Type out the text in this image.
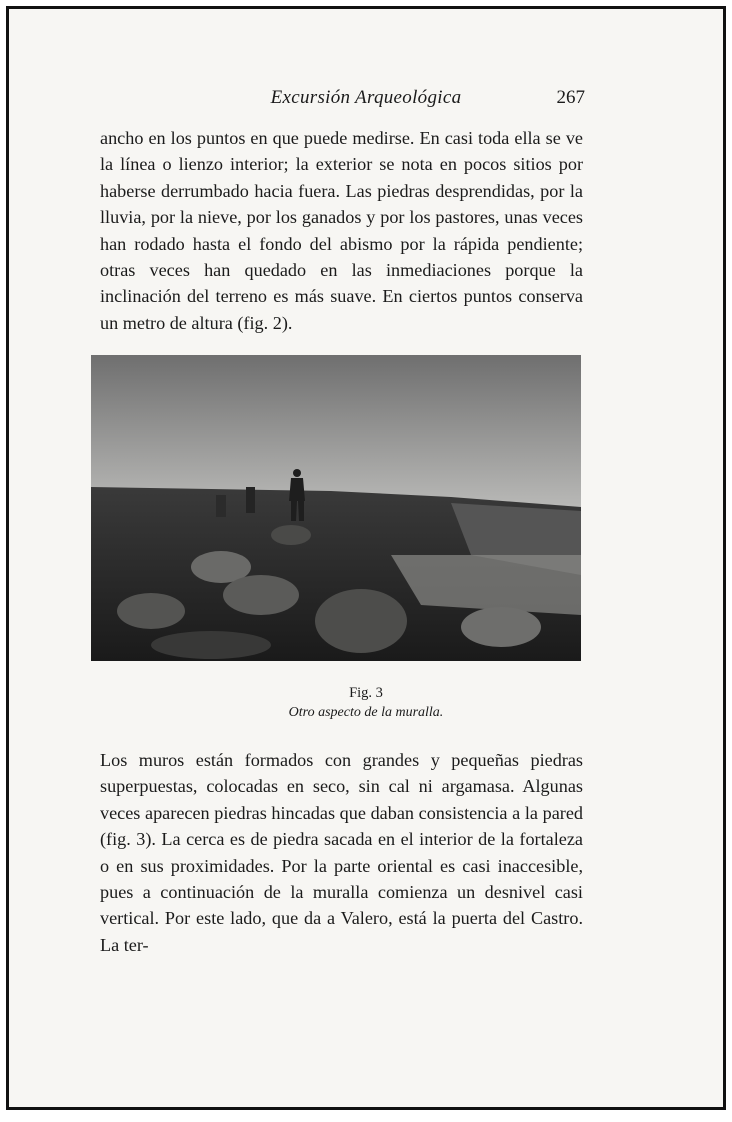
Excursión Arqueológica	267

ancho en los puntos en que puede medirse. En casi toda ella se ve la línea o lienzo interior; la exterior se nota en pocos sitios por haberse derrumbado hacia fuera. Las piedras desprendidas, por la lluvia, por la nieve, por los ganados y por los pastores, unas veces han rodado hasta el fondo del abismo por la rápida pendiente; otras veces han quedado en las inmediaciones porque la inclinación del terreno es más suave. En ciertos puntos conserva un metro de altura (fig. 2).

Fig. 3
Otro aspecto de la muralla.

Los muros están formados con grandes y pequeñas piedras superpuestas, colocadas en seco, sin cal ni argamasa. Algunas veces aparecen piedras hincadas que daban consistencia a la pared (fig. 3). La cerca es de piedra sacada en el interior de la fortaleza o en sus proximidades. Por la parte oriental es casi inaccesible, pues a continuación de la muralla comienza un desnivel casi vertical. Por este lado, que da a Valero, está la puerta del Castro. La ter-
